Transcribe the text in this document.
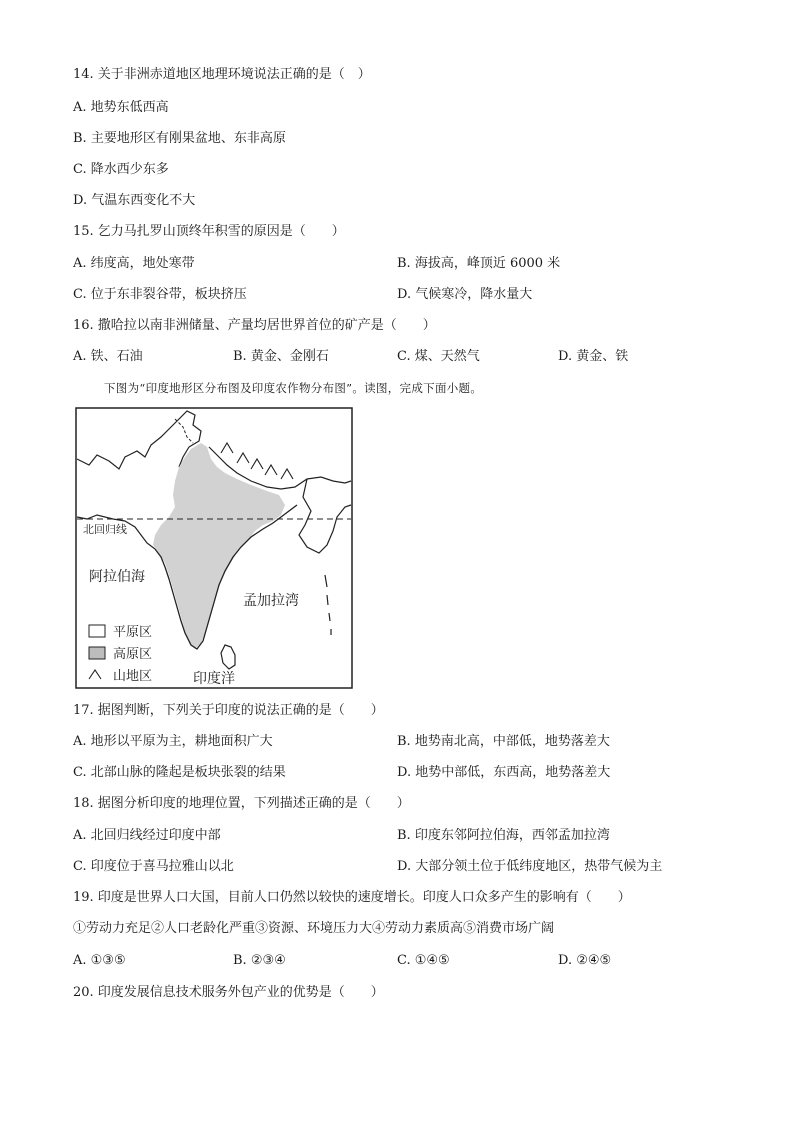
14. 关于非洲赤道地区地理环境说法正确的是（　）
A. 地势东低西高
B. 主要地形区有刚果盆地、东非高原
C. 降水西少东多
D. 气温东西变化不大
15. 乞力马扎罗山顶终年积雪的原因是（　　）
A. 纬度高，地处寒带	B. 海拔高，峰顶近 6000 米
C. 位于东非裂谷带，板块挤压	D. 气候寒冷，降水量大
16. 撒哈拉以南非洲储量、产量均居世界首位的矿产是（　　）
A. 铁、石油	B. 黄金、金刚石	C. 煤、天然气	D. 黄金、铁
下图为“印度地形区分布图及印度农作物分布图”。读图，完成下面小题。
北回归线
阿拉伯海
孟加拉湾
印度洋
平原区
高原区
山地区
17. 据图判断，下列关于印度的说法正确的是（　　）
A. 地形以平原为主，耕地面积广大	B. 地势南北高，中部低，地势落差大
C. 北部山脉的隆起是板块张裂的结果	D. 地势中部低，东西高，地势落差大
18. 据图分析印度的地理位置，下列描述正确的是（　　）
A. 北回归线经过印度中部	B. 印度东邻阿拉伯海，西邻孟加拉湾
C. 印度位于喜马拉雅山以北	D. 大部分领土位于低纬度地区，热带气候为主
19. 印度是世界人口大国，目前人口仍然以较快的速度增长。印度人口众多产生的影响有（　　）
①劳动力充足②人口老龄化严重③资源、环境压力大④劳动力素质高⑤消费市场广阔
A. ①③⑤	B. ②③④	C. ①④⑤	D. ②④⑤
20. 印度发展信息技术服务外包产业的优势是（　　）
